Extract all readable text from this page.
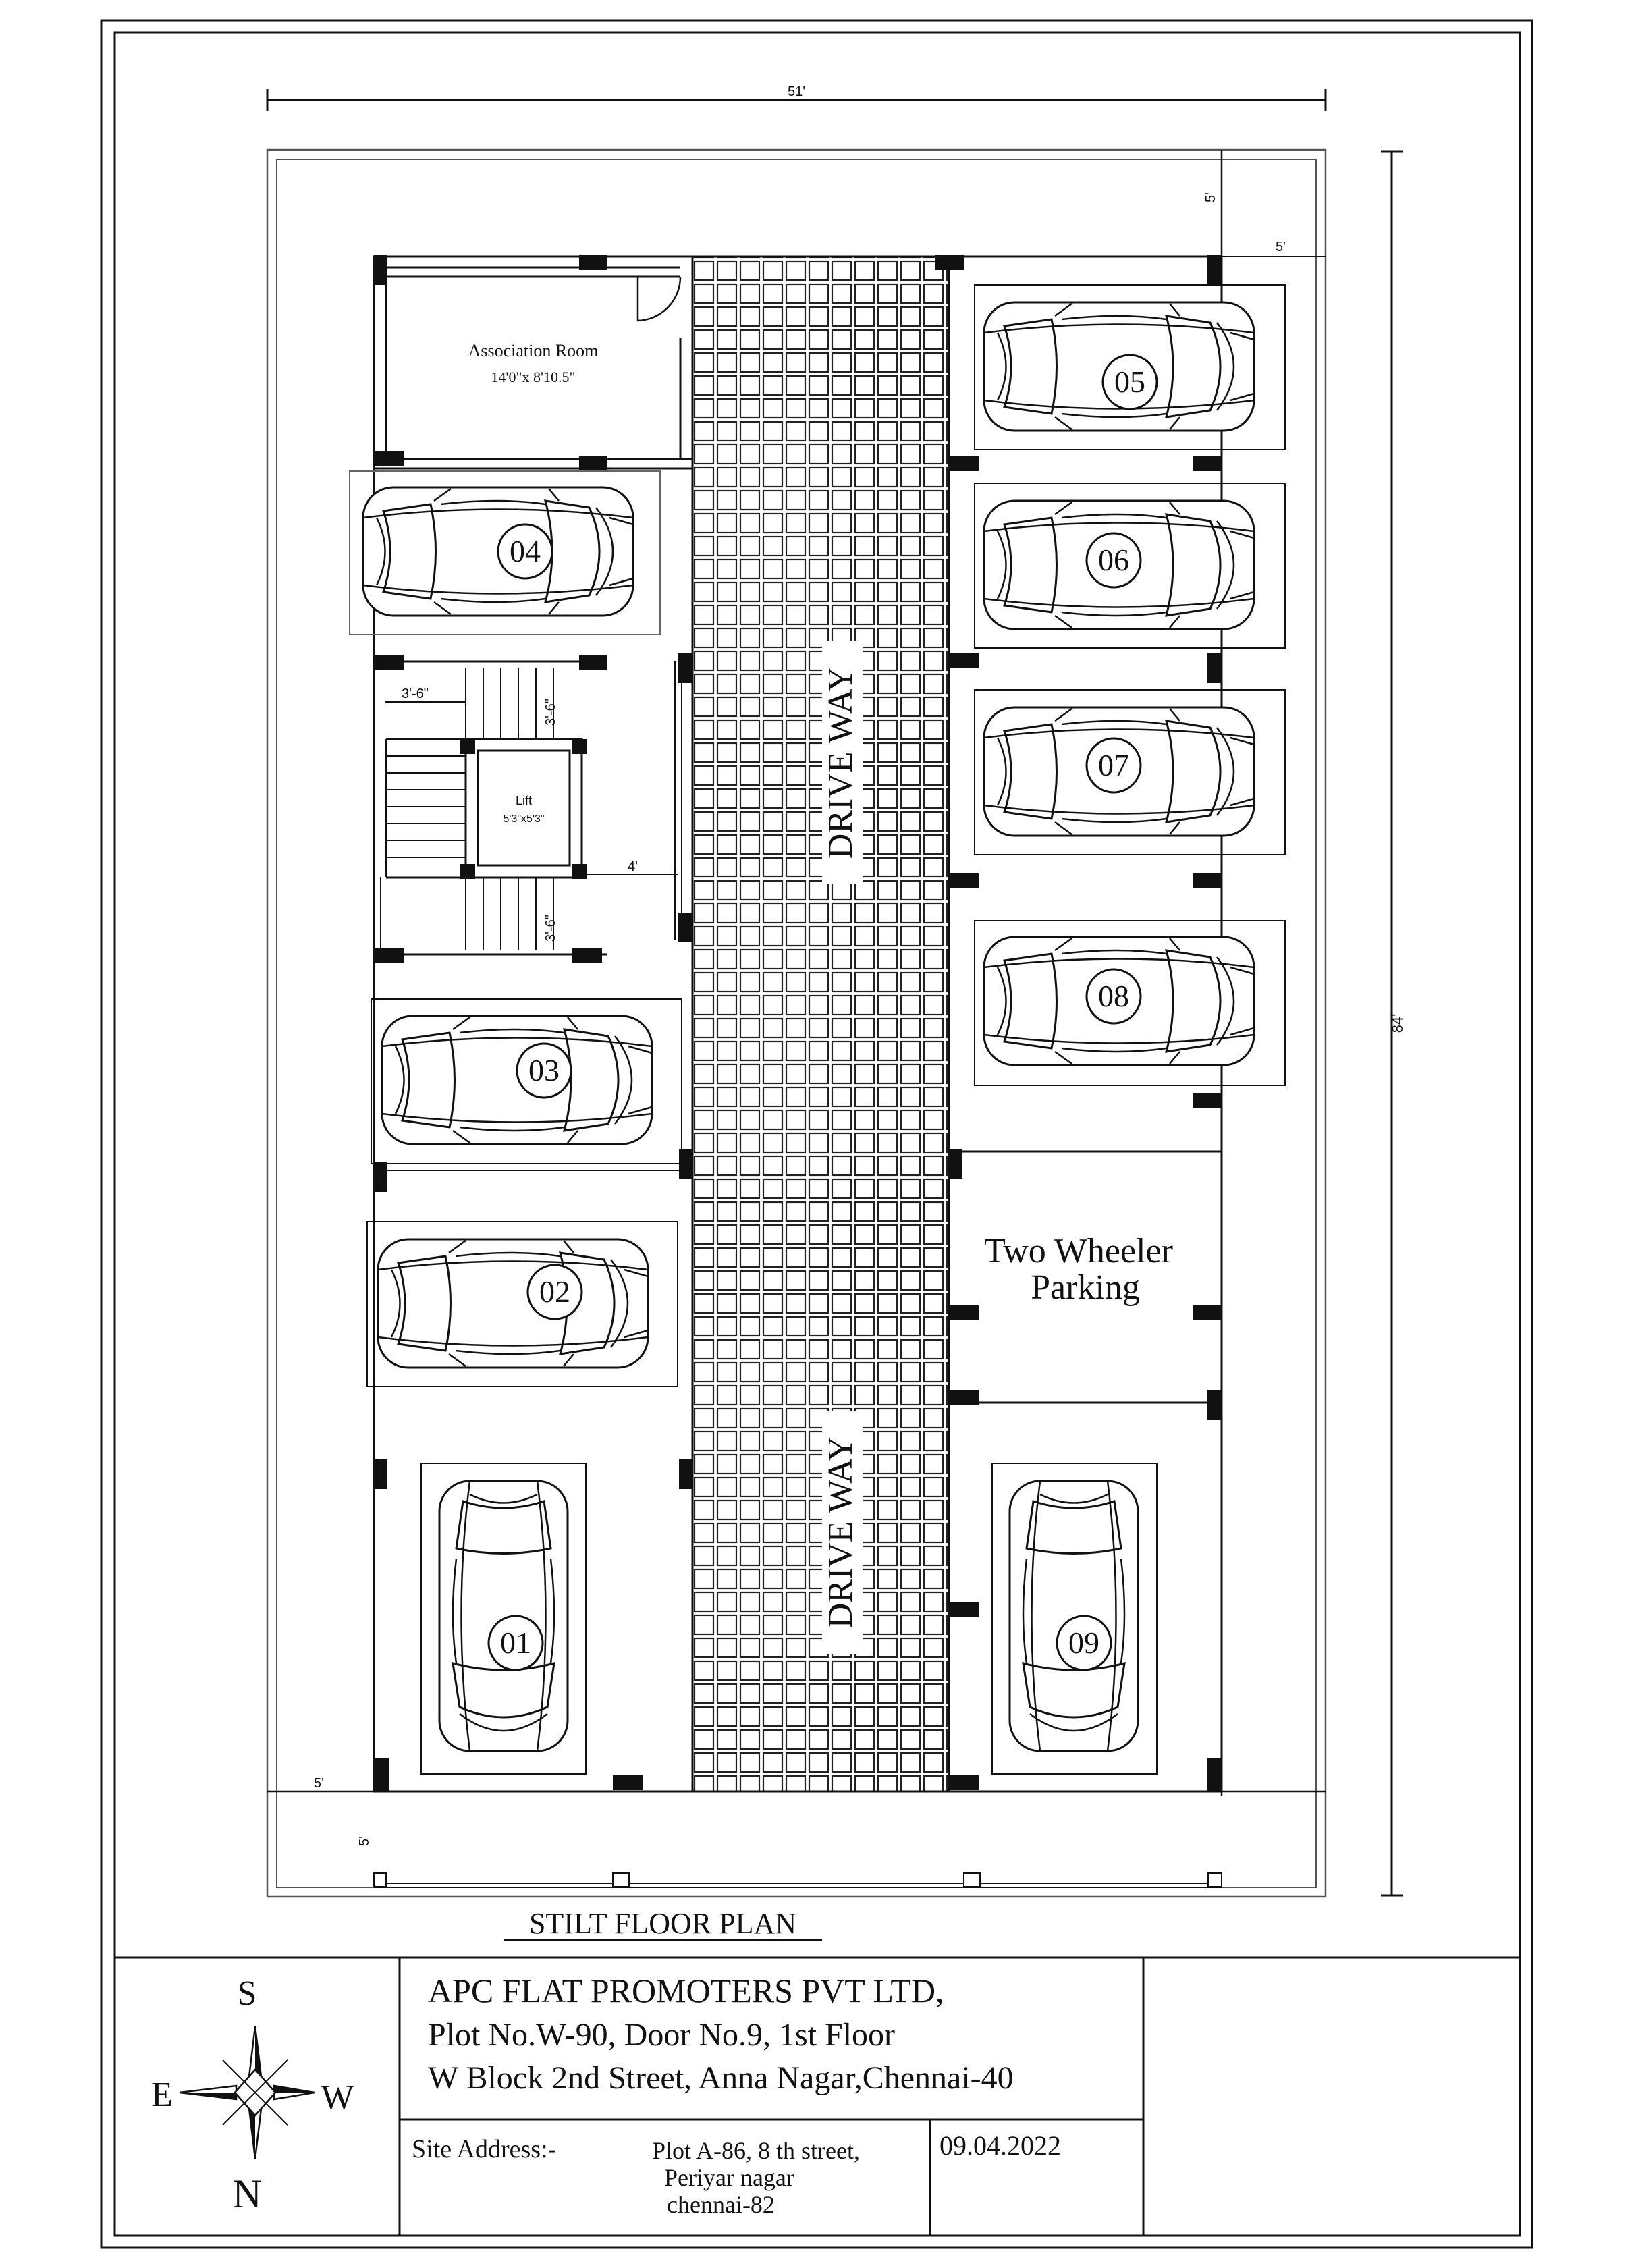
51'
84'
5'
5'
5'
5'
DRIVE WAY
DRIVE WAY
Association Room
14'0"x 8'10.5"
Lift
5'3"x5'3"
3'-6"
3'-6"
3'-6"
4'
Two Wheeler
Parking
04
03
02
01
05
06
07
08
09
STILT FLOOR PLAN
APC FLAT PROMOTERS PVT LTD,
Plot No.W-90, Door No.9, 1st Floor
W Block 2nd Street, Anna Nagar,Chennai-40
Site Address:-	Plot A-86, 8 th street,
Periyar nagar
chennai-82
09.04.2022
S
N
E	W
